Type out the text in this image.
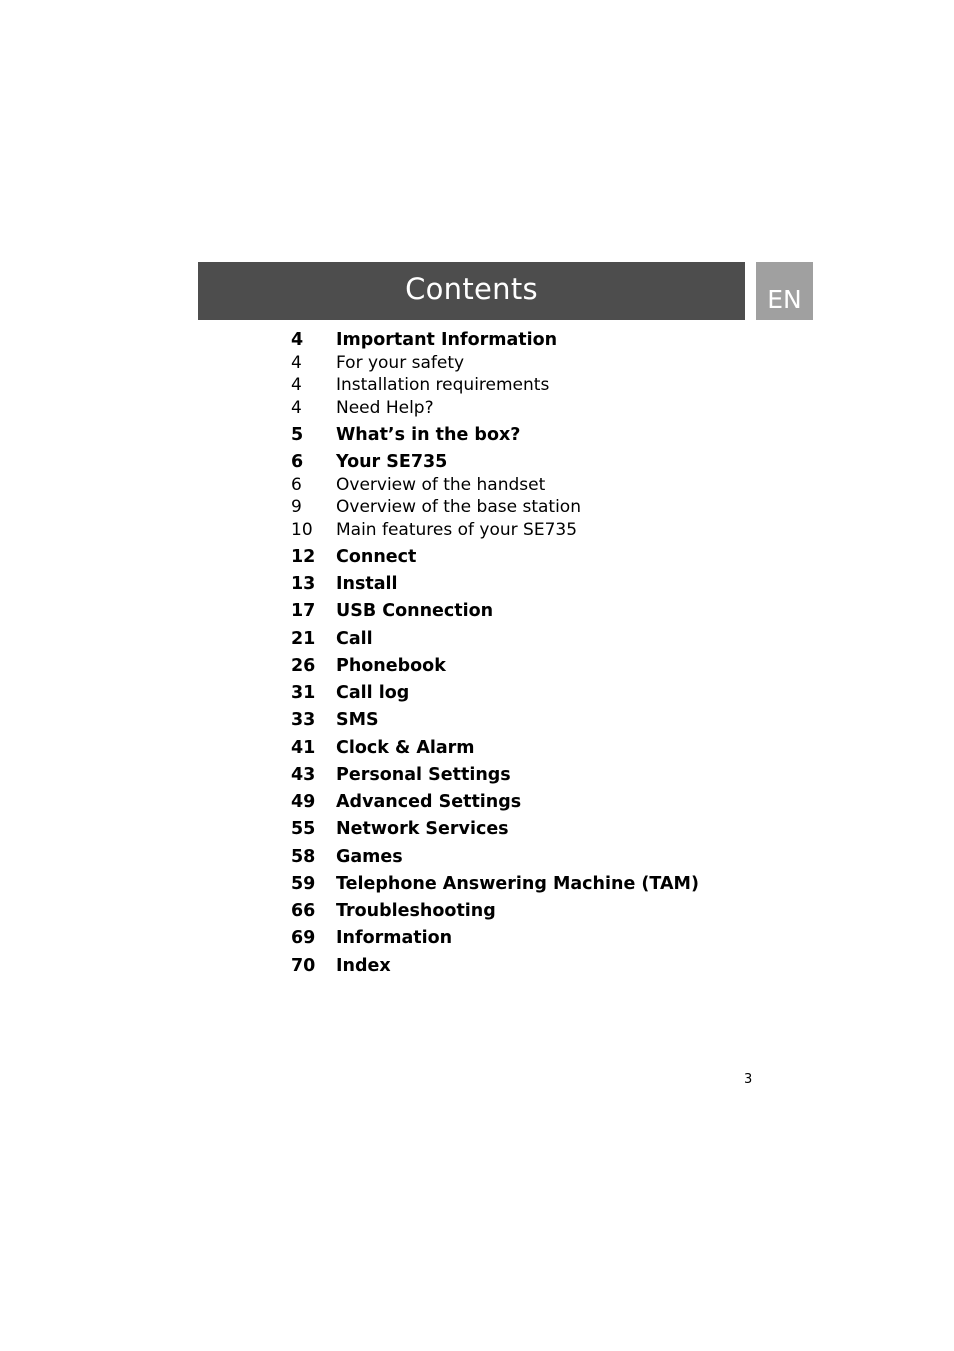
Contents	EN
4	Important Information
4	For your safety
4	Installation requirements
4	Need Help?
5	What’s in the box?
6	Your SE735
6	Overview of the handset
9	Overview of the base station
10	Main features of your SE735
12	Connect
13	Install
17	USB Connection
21	Call
26	Phonebook
31	Call log
33	SMS
41	Clock & Alarm
43	Personal Settings
49	Advanced Settings
55	Network Services
58	Games
59	Telephone Answering Machine (TAM)
66	Troubleshooting
69	Information
70	Index
3
